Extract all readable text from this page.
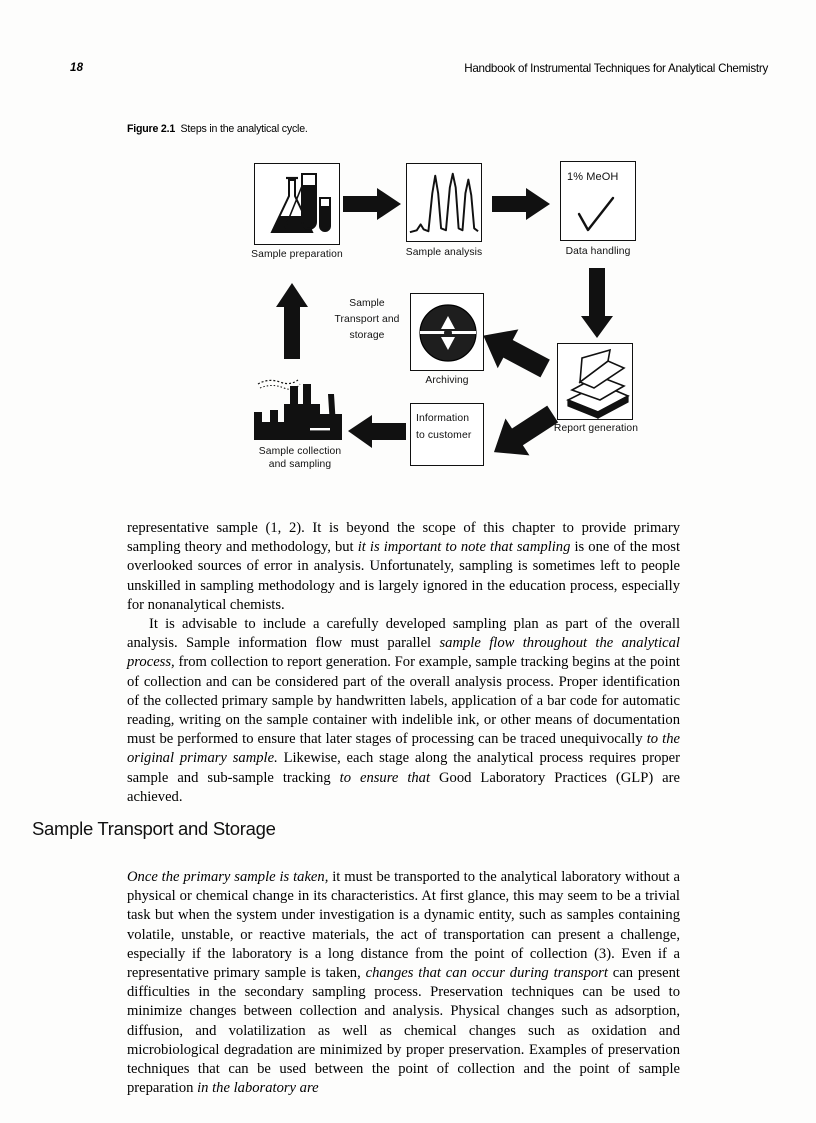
18	Handbook of Instrumental Techniques for Analytical Chemistry
Figure 2.1 Steps in the analytical cycle.
Sample preparation	Sample analysis
1% MeOH
Data handling
Report generation
Archiving
Information
to customer
Sample collection
and sampling
Sample
Transport and
storage

representative sample (1, 2). It is beyond the scope of this chapter to provide primary sampling theory and methodology, but it is important to note that sampling is one of the most overlooked sources of error in analysis. Unfortunately, sampling is sometimes left to people unskilled in sampling methodology and is largely ignored in the education process, especially for nonanalytical chemists.

It is advisable to include a carefully developed sampling plan as part of the overall analysis. Sample information flow must parallel sample flow throughout the analytical process, from collection to report generation. For example, sample tracking begins at the point of collection and can be considered part of the overall analysis process. Proper identification of the collected primary sample by handwritten labels, application of a bar code for automatic reading, writing on the sample container with indelible ink, or other means of documentation must be performed to ensure that later stages of processing can be traced unequivocally to the original primary sample. Likewise, each stage along the analytical process requires proper sample and sub-sample tracking to ensure that Good Laboratory Practices (GLP) are achieved.

Sample Transport and Storage

Once the primary sample is taken, it must be transported to the analytical laboratory without a physical or chemical change in its characteristics. At first glance, this may seem to be a trivial task but when the system under investigation is a dynamic entity, such as samples containing volatile, unstable, or reactive materials, the act of transportation can present a challenge, especially if the laboratory is a long distance from the point of collection (3). Even if a representative primary sample is taken, changes that can occur during transport can present difficulties in the secondary sampling process. Preservation techniques can be used to minimize changes between collection and analysis. Physical changes such as adsorption, diffusion, and volatilization as well as chemical changes such as oxidation and microbiological degradation are minimized by proper preservation. Examples of preservation techniques that can be used between the point of collection and the point of sample preparation in the laboratory are
